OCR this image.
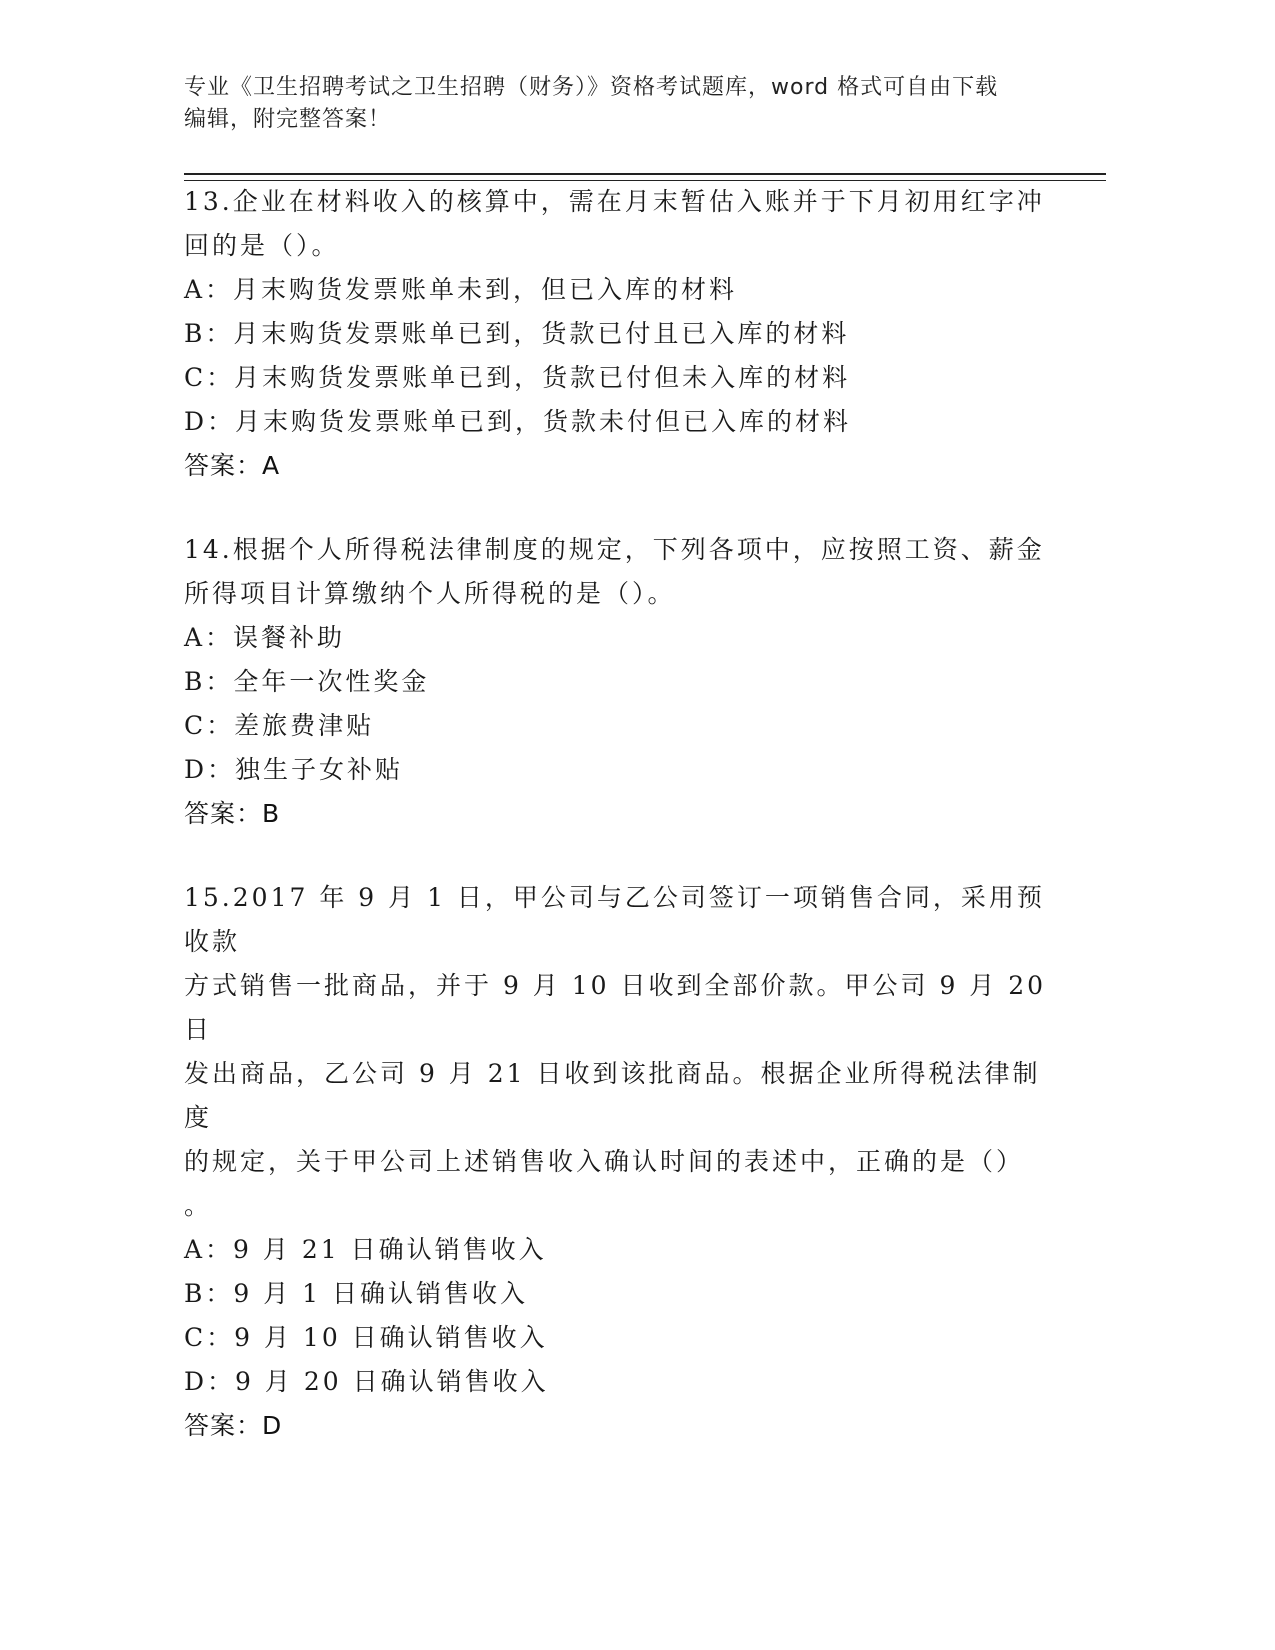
专业《卫生招聘考试之卫生招聘（财务）》资格考试题库，word 格式可自由下载
编辑，附完整答案！
13.企业在材料收入的核算中，需在月末暂估入账并于下月初用红字冲
回的是（）。
A：月末购货发票账单未到，但已入库的材料
B：月末购货发票账单已到，货款已付且已入库的材料
C：月末购货发票账单已到，货款已付但未入库的材料
D：月末购货发票账单已到，货款未付但已入库的材料
答案：A
14.根据个人所得税法律制度的规定，下列各项中，应按照工资、薪金
所得项目计算缴纳个人所得税的是（）。
A：误餐补助
B：全年一次性奖金
C：差旅费津贴
D：独生子女补贴
答案：B
15.2017 年 9 月 1 日，甲公司与乙公司签订一项销售合同，采用预收款
方式销售一批商品，并于 9 月 10 日收到全部价款。甲公司 9 月 20 日
发出商品，乙公司 9 月 21 日收到该批商品。根据企业所得税法律制度
的规定，关于甲公司上述销售收入确认时间的表述中，正确的是（）
。
A：9 月 21 日确认销售收入
B：9 月 1 日确认销售收入
C：9 月 10 日确认销售收入
D：9 月 20 日确认销售收入
答案：D
